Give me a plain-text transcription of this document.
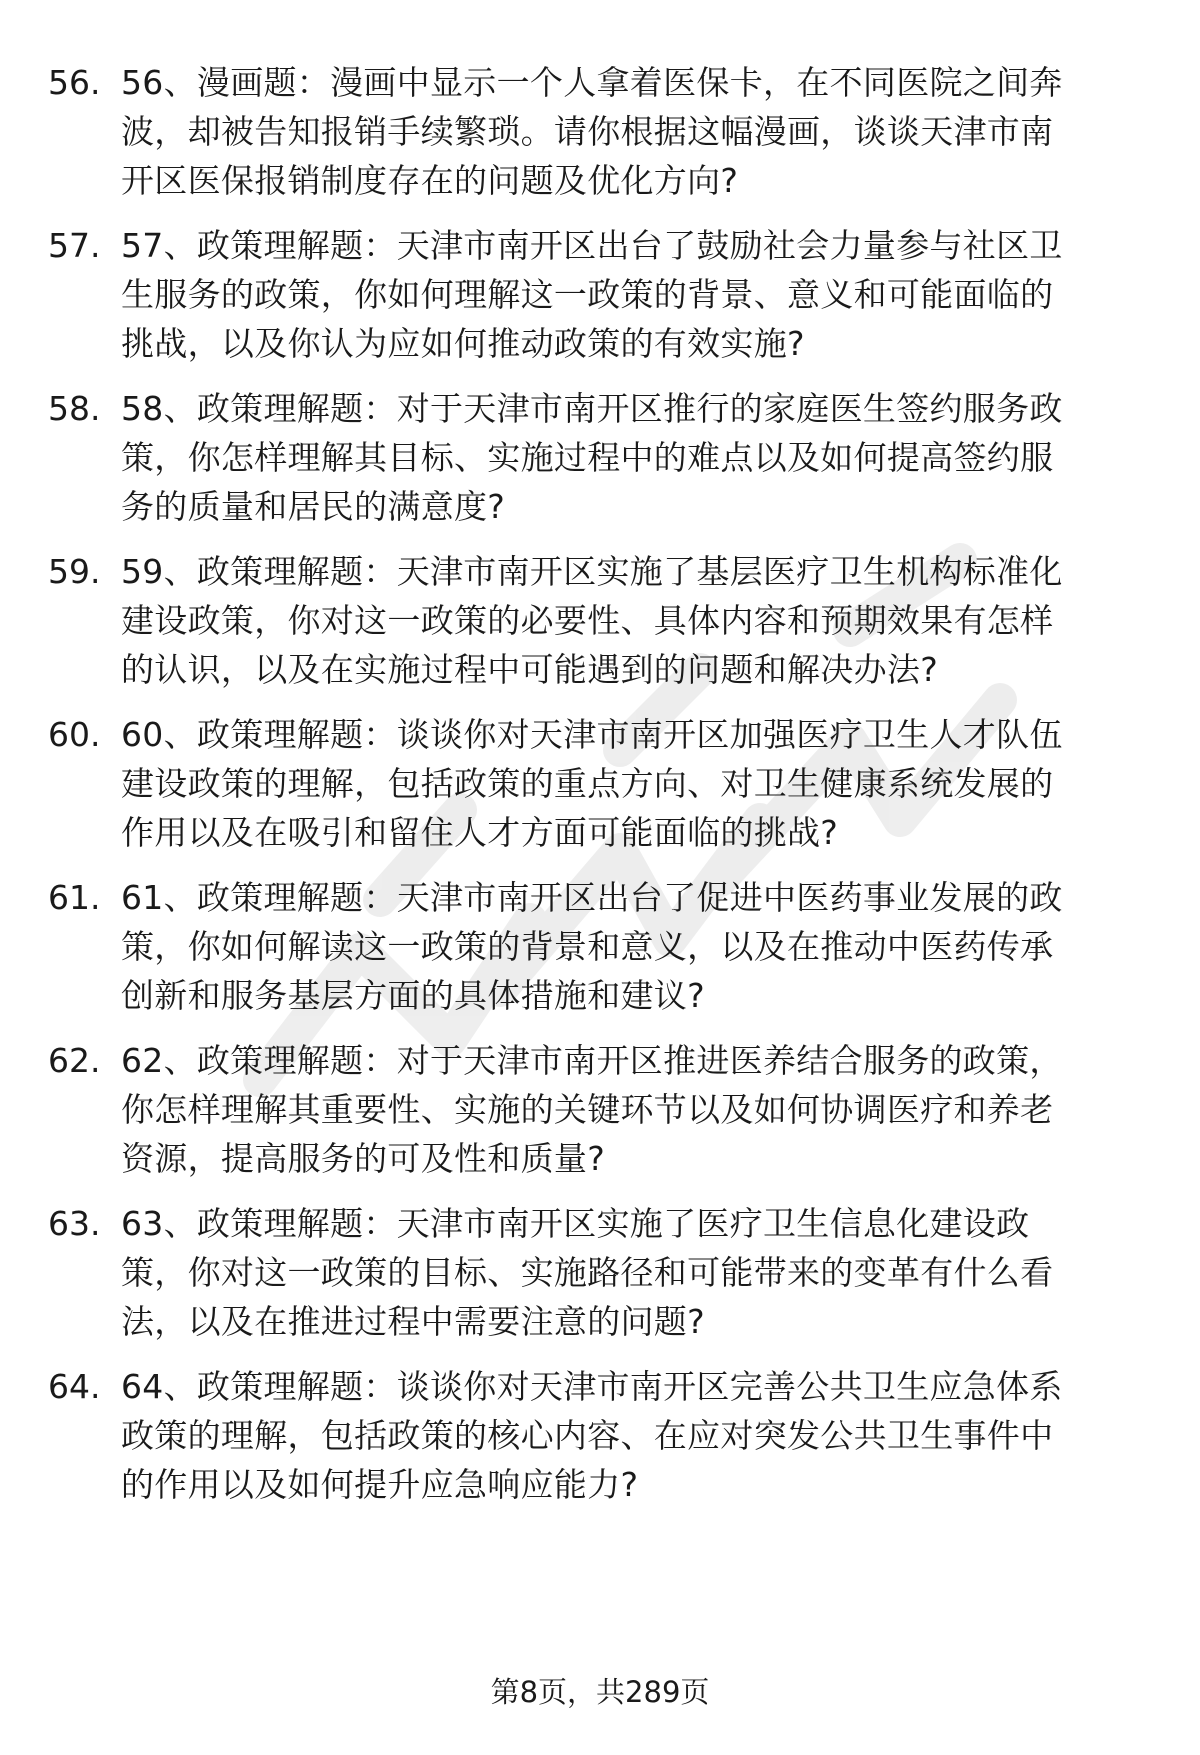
56. 56、漫画题：漫画中显示一个人拿着医保卡，在不同医院之间奔
波，却被告知报销手续繁琐。请你根据这幅漫画，谈谈天津市南
开区医保报销制度存在的问题及优化方向?

57. 57、政策理解题：天津市南开区出台了鼓励社会力量参与社区卫
生服务的政策，你如何理解这一政策的背景、意义和可能面临的
挑战，以及你认为应如何推动政策的有效实施?

58. 58、政策理解题：对于天津市南开区推行的家庭医生签约服务政
策，你怎样理解其目标、实施过程中的难点以及如何提高签约服
务的质量和居民的满意度?

59. 59、政策理解题：天津市南开区实施了基层医疗卫生机构标准化
建设政策，你对这一政策的必要性、具体内容和预期效果有怎样
的认识，以及在实施过程中可能遇到的问题和解决办法?

60. 60、政策理解题：谈谈你对天津市南开区加强医疗卫生人才队伍
建设政策的理解，包括政策的重点方向、对卫生健康系统发展的
作用以及在吸引和留住人才方面可能面临的挑战?

61. 61、政策理解题：天津市南开区出台了促进中医药事业发展的政
策，你如何解读这一政策的背景和意义，以及在推动中医药传承
创新和服务基层方面的具体措施和建议?

62. 62、政策理解题：对于天津市南开区推进医养结合服务的政策，
你怎样理解其重要性、实施的关键环节以及如何协调医疗和养老
资源，提高服务的可及性和质量?

63. 63、政策理解题：天津市南开区实施了医疗卫生信息化建设政
策，你对这一政策的目标、实施路径和可能带来的变革有什么看
法，以及在推进过程中需要注意的问题?

64. 64、政策理解题：谈谈你对天津市南开区完善公共卫生应急体系
政策的理解，包括政策的核心内容、在应对突发公共卫生事件中
的作用以及如何提升应急响应能力?

第8页，共289页
